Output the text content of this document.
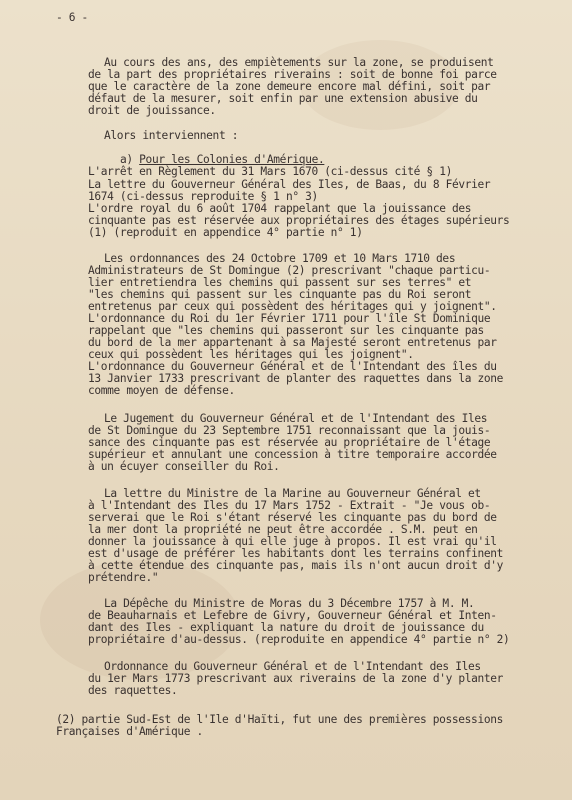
- 6 -
Au cours des ans, des empiètements sur la zone, se produisent
de la part des propriétaires riverains : soit de bonne foi parce
que le caractère de la zone demeure encore mal défini, soit par
défaut de la mesurer, soit enfin par une extension abusive du
droit de jouissance.
Alors interviennent :
a) Pour les Colonies d'Amérique.
L'arrêt en Règlement du 31 Mars 1670 (ci-dessus cité § 1)
La lettre du Gouverneur Général des Iles, de Baas, du 8 Février
1674 (ci-dessus reproduite § 1 n° 3)
L'ordre royal du 6 août 1704 rappelant que la jouissance des
cinquante pas est réservée aux propriétaires des étages supérieurs
(1) (reproduit en appendice 4° partie n° 1)
Les ordonnances des 24 Octobre 1709 et 10 Mars 1710 des
Administrateurs de St Domingue (2) prescrivant "chaque particu-
lier entretiendra les chemins qui passent sur ses terres" et
"les chemins qui passent sur les cinquante pas du Roi seront
entretenus par ceux qui possèdent des héritages qui y joignent".
L'ordonnance du Roi du 1er Février 1711 pour l'île St Dominique
rappelant que "les chemins qui passeront sur les cinquante pas
du bord de la mer appartenant à sa Majesté seront entretenus par
ceux qui possèdent les héritages qui les joignent".
L'ordonnance du Gouverneur Général et de l'Intendant des îles du
13 Janvier 1733 prescrivant de planter des raquettes dans la zone
comme moyen de défense.
Le Jugement du Gouverneur Général et de l'Intendant des Iles
de St Domingue du 23 Septembre 1751 reconnaissant que la jouis-
sance des cinquante pas est réservée au propriétaire de l'étage
supérieur et annulant une concession à titre temporaire accordée
à un écuyer conseiller du Roi.
La lettre du Ministre de la Marine au Gouverneur Général et
à l'Intendant des Iles du 17 Mars 1752 - Extrait - "Je vous ob-
serverai que le Roi s'étant réservé les cinquante pas du bord de
la mer dont la propriété ne peut être accordée . S.M. peut en
donner la jouissance à qui elle juge à propos. Il est vrai qu'il
est d'usage de préférer les habitants dont les terrains confinent
à cette étendue des cinquante pas, mais ils n'ont aucun droit d'y
prétendre."
La Dépêche du Ministre de Moras du 3 Décembre 1757 à M. M.
de Beauharnais et Lefebre de Givry, Gouverneur Général et Inten-
dant des Iles - expliquant la nature du droit de jouissance du
propriétaire d'au-dessus. (reproduite en appendice 4° partie n° 2)
Ordonnance du Gouverneur Général et de l'Intendant des Iles
du 1er Mars 1773 prescrivant aux riverains de la zone d'y planter
des raquettes.
(2) partie Sud-Est de l'Ile d'Haïti, fut une des premières possessions
Françaises d'Amérique .
